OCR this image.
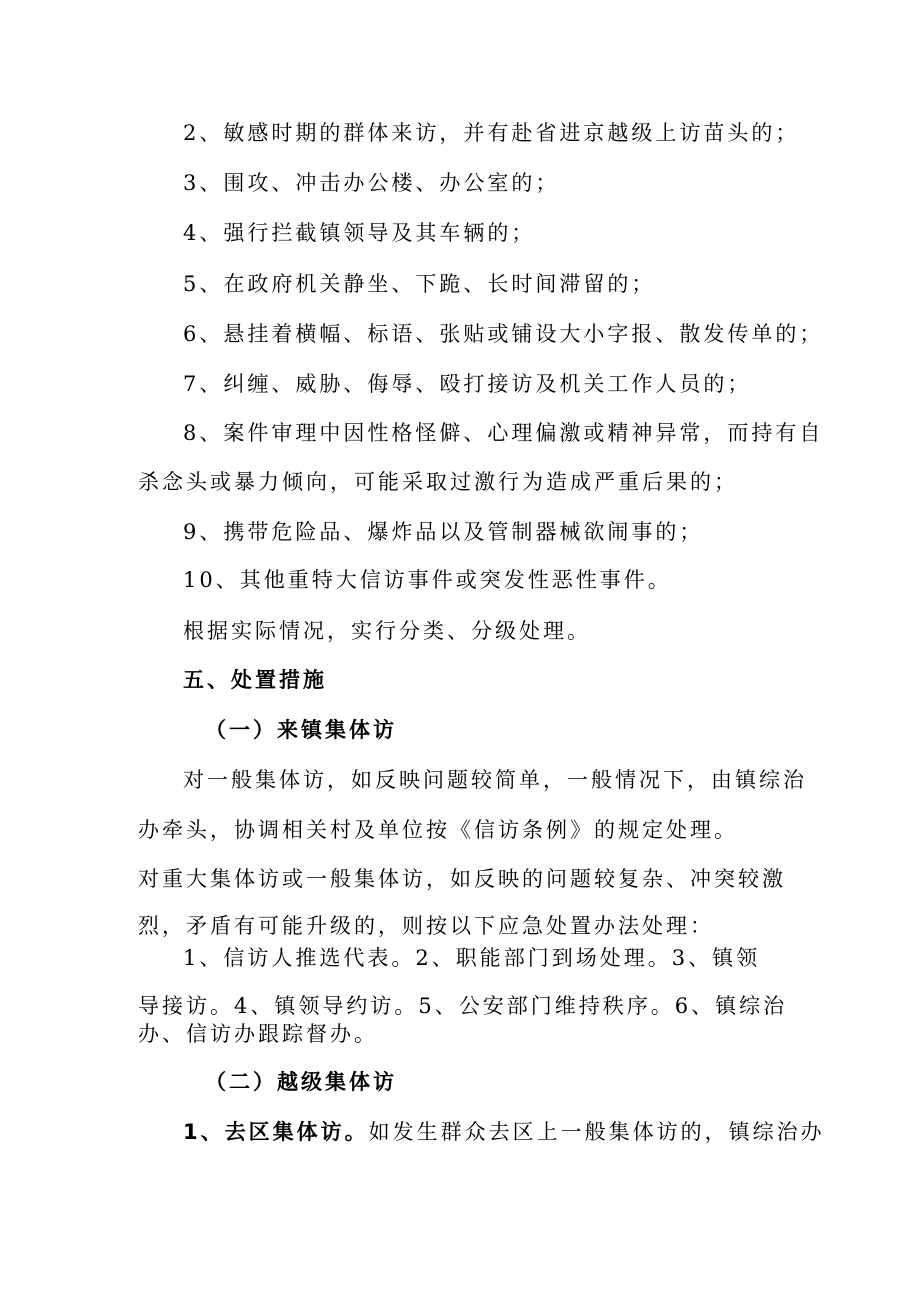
2、敏感时期的群体来访，并有赴省进京越级上访苗头的；
3、围攻、冲击办公楼、办公室的；
4、强行拦截镇领导及其车辆的；
5、在政府机关静坐、下跪、长时间滞留的；
6、悬挂着横幅、标语、张贴或铺设大小字报、散发传单的；
7、纠缠、威胁、侮辱、殴打接访及机关工作人员的；
8、案件审理中因性格怪僻、心理偏激或精神异常，而持有自
杀念头或暴力倾向，可能采取过激行为造成严重后果的；
9、携带危险品、爆炸品以及管制器械欲闹事的；
10、其他重特大信访事件或突发性恶性事件。
根据实际情况，实行分类、分级处理。
五、处置措施
（一）来镇集体访
对一般集体访，如反映问题较简单，一般情况下，由镇综治
办牵头，协调相关村及单位按《信访条例》的规定处理。
对重大集体访或一般集体访，如反映的问题较复杂、冲突较激
烈，矛盾有可能升级的，则按以下应急处置办法处理：
1、信访人推选代表。2、职能部门到场处理。3、镇领
导接访。4、镇领导约访。5、公安部门维持秩序。6、镇综治
办、信访办跟踪督办。
（二）越级集体访
1、去区集体访。如发生群众去区上一般集体访的，镇综治办
